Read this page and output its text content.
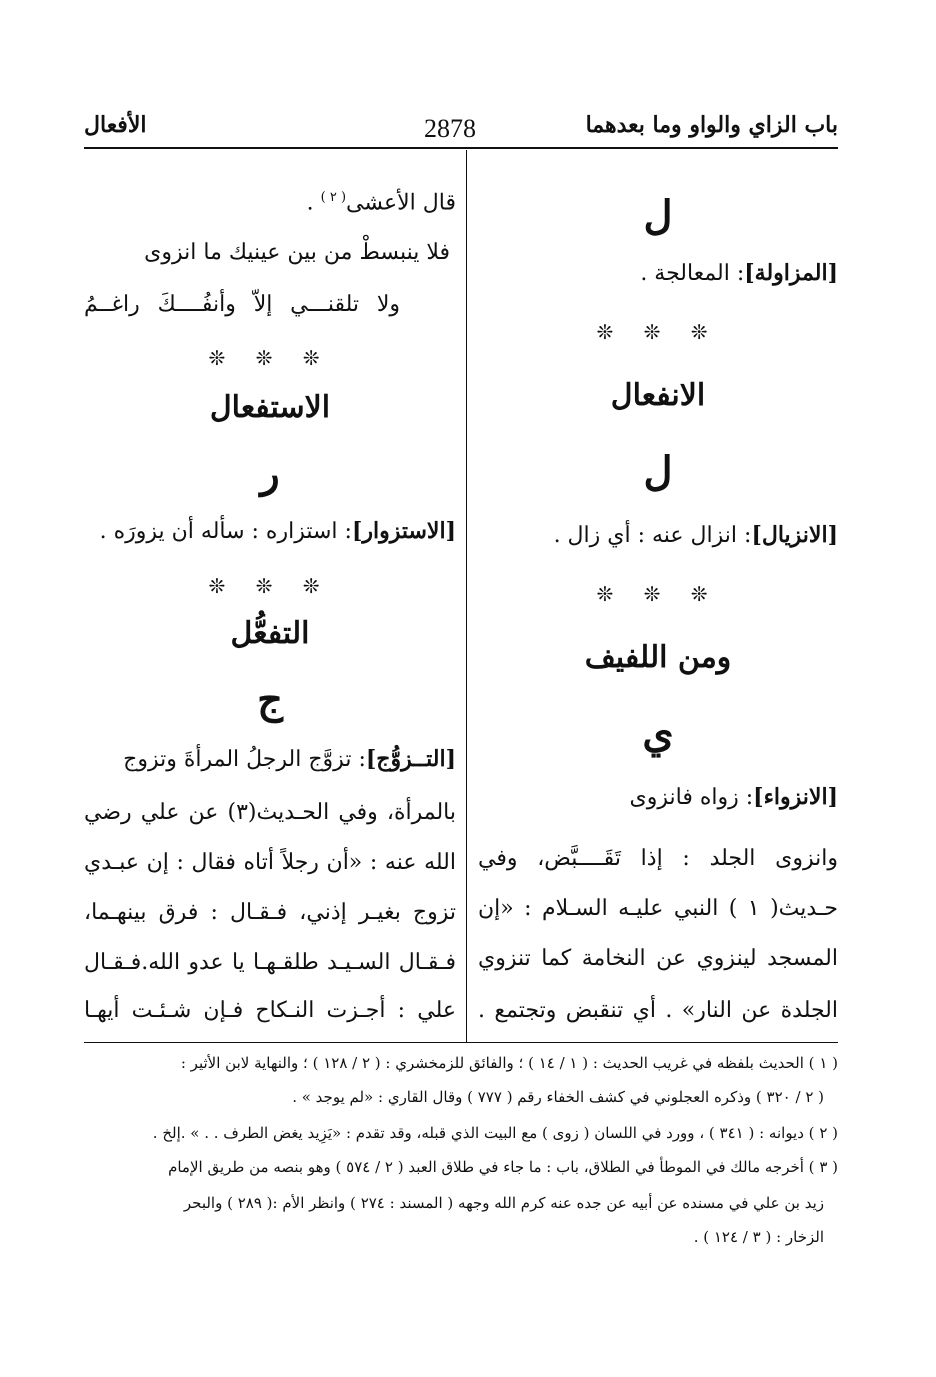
باب الزاي والواو وما بعدهما
2878
الأفعال
ل
[المزاولة]: المعالجة .
❊ ❊ ❊
الانفعال
ل
[الانزيال]: انزال عنه : أي زال .
❊ ❊ ❊
ومن اللفيف
ي
[الانزواء]: زواه فانزوى
وانزوى الجلد : إذا تَقَــــبَّض، وفي
حـديث( ١ ) النبي عليـه السـلام : «إن
المسجد لينزوي عن النخامة كما تنزوي
الجلدة عن النار» . أي تنقبض وتجتمع .
قال الأعشى$^{( ٢ )}$ .
فلا ينبسطْ من بين عينيك ما انزوى
ولا تلقنـــي إلاّ وأنفُــــكَ راغــمُ
❊ ❊ ❊
الاستفعال
ر
[الاستزوار]: استزاره : سأله أن يزورَه .
❊ ❊ ❊
التفعُّل
ج
[التــزوُّج]: تزوَّج الرجلُ المرأةَ وتزوج
بالمرأة، وفي الحـديث(٣) عن علي رضي
الله عنه : «أن رجلاً أتاه فقال : إن عبـدي
تزوج بغيـر إذني، فـقـال : فرق بينهـما،
فـقـال السـيـد طلقـهـا يا عدو الله.فـقـال
علي : أجـزت النـكاح فـإن شـئـت أيهـا
( ١ ) الحديث بلفظه في غريب الحديث : ( ١ / ١٤ ) ؛ والفائق للزمخشري : ( ٢ / ١٢٨ ) ؛ والنهاية لابن الأثير :
( ٢ / ٣٢٠ ) وذكره العجلوني في كشف الخفاء رقم ( ٧٧٧ ) وقال القاري : «لم يوجد » .
( ٢ ) ديوانه : ( ٣٤١ ) ، وورد في اللسان ( زوى ) مع البيت الذي قبله، وقد تقدم : «يَزِيد يغض الطرف . . » .إلخ .
( ٣ ) أخرجه مالك في الموطأ في الطلاق، باب : ما جاء في طلاق العبد ( ٢ / ٥٧٤ ) وهو بنصه من طريق الإمام
زيد بن علي في مسنده عن أبيه عن جده عنه كرم الله وجهه ( المسند : ٢٧٤ ) وانظر الأم :( ٢٨٩ ) والبحر
الزخار : ( ٣ / ١٢٤ ) .
